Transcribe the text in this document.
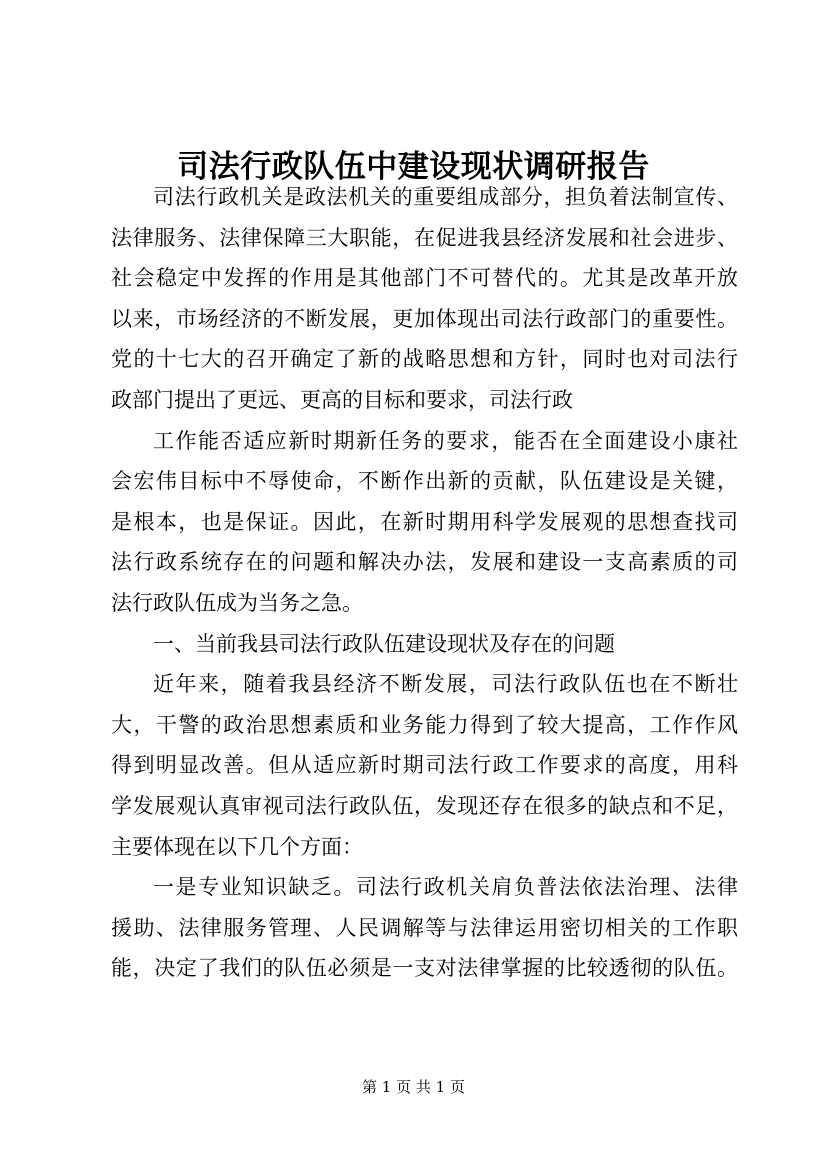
司法行政队伍中建设现状调研报告
司法行政机关是政法机关的重要组成部分，担负着法制宣传、
法律服务、法律保障三大职能，在促进我县经济发展和社会进步、
社会稳定中发挥的作用是其他部门不可替代的。尤其是改革开放
以来，市场经济的不断发展，更加体现出司法行政部门的重要性。
党的十七大的召开确定了新的战略思想和方针，同时也对司法行
政部门提出了更远、更高的目标和要求，司法行政
工作能否适应新时期新任务的要求，能否在全面建设小康社
会宏伟目标中不辱使命，不断作出新的贡献，队伍建设是关键，
是根本，也是保证。因此，在新时期用科学发展观的思想查找司
法行政系统存在的问题和解决办法，发展和建设一支高素质的司
法行政队伍成为当务之急。
一、当前我县司法行政队伍建设现状及存在的问题
近年来，随着我县经济不断发展，司法行政队伍也在不断壮
大，干警的政治思想素质和业务能力得到了较大提高，工作作风
得到明显改善。但从适应新时期司法行政工作要求的高度，用科
学发展观认真审视司法行政队伍，发现还存在很多的缺点和不足，
主要体现在以下几个方面：
一是专业知识缺乏。司法行政机关肩负普法依法治理、法律
援助、法律服务管理、人民调解等与法律运用密切相关的工作职
能，决定了我们的队伍必须是一支对法律掌握的比较透彻的队伍。
第 1 页 共 1 页
